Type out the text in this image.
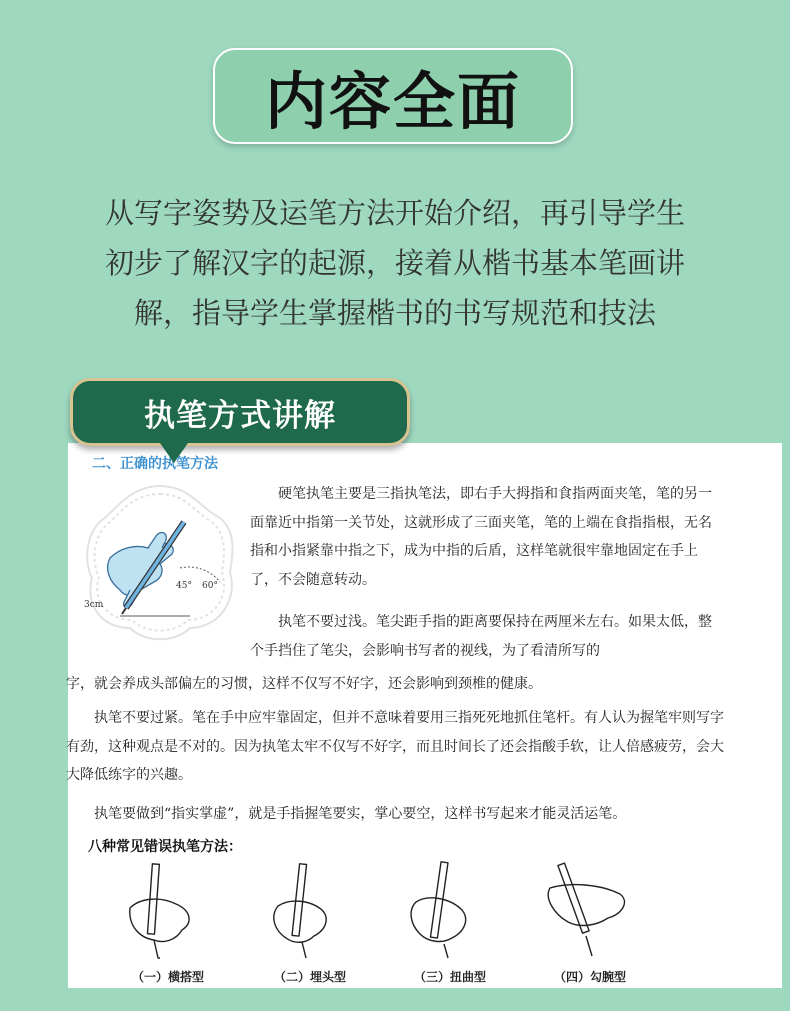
内容全面
从写字姿势及运笔方法开始介绍，再引导学生
初步了解汉字的起源，接着从楷书基本笔画讲
解，指导学生掌握楷书的书写规范和技法
执笔方式讲解
二、正确的执笔方法
45° 60°
3cm

硬笔执笔主要是三指执笔法，即右手大拇指和食指两面夹笔，笔的另一面靠近中指第一关节处，这就形成了三面夹笔，笔的上端在食指指根，无名指和小指紧靠中指之下，成为中指的后盾，这样笔就很牢靠地固定在手上了，不会随意转动。

执笔不要过浅。笔尖距手指的距离要保持在两厘米左右。如果太低，整个手挡住了笔尖，会影响书写者的视线，为了看清所写的

字，就会养成头部偏左的习惯，这样不仅写不好字，还会影响到颈椎的健康。

执笔不要过紧。笔在手中应牢靠固定，但并不意味着要用三指死死地抓住笔杆。有人认为握笔牢则写字有劲，这种观点是不对的。因为执笔太牢不仅写不好字，而且时间长了还会指酸手软，让人倍感疲劳，会大大降低练字的兴趣。

执笔要做到“指实掌虚”，就是手指握笔要实，掌心要空，这样书写起来才能灵活运笔。

八种常见错误执笔方法：
（一）横搭型	（二）埋头型	（三）扭曲型	（四）勾腕型
